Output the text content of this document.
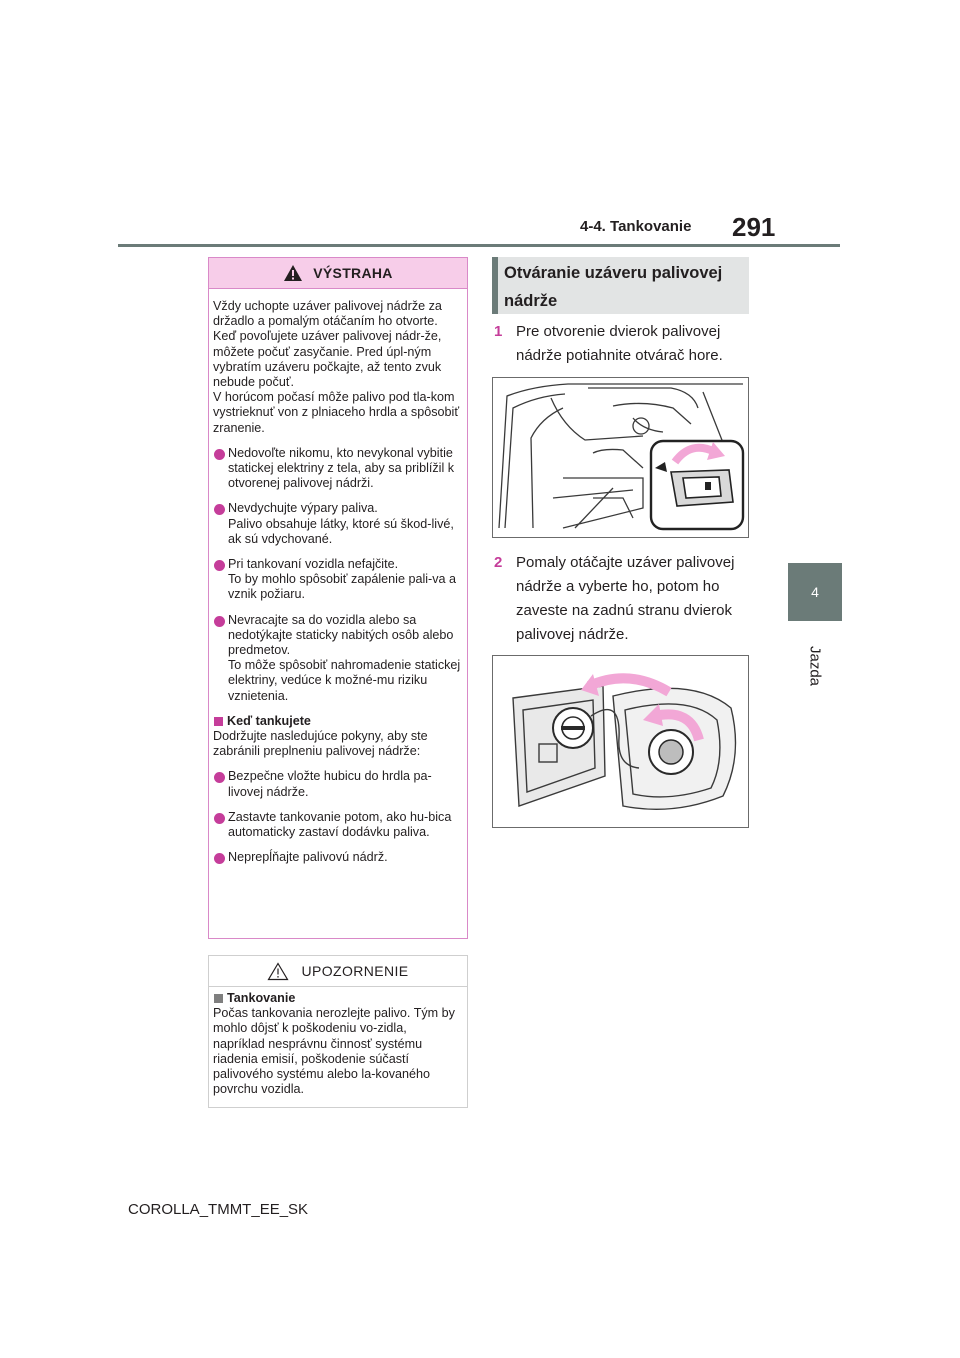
4-4. Tankovanie 291
4
Jazda
VÝSTRAHA
Vždy uchopte uzáver palivovej nádrže za držadlo a pomalým otáčaním ho otvorte.
Keď povoľujete uzáver palivovej nádr-že, môžete počuť zasyčanie. Pred úpl-ným vybratím uzáveru počkajte, až tento zvuk nebude počuť.
V horúcom počasí môže palivo pod tla-kom vystrieknuť von z plniaceho hrdla a spôsobiť zranenie.
Nedovoľte nikomu, kto nevykonal vybitie statickej elektriny z tela, aby sa priblížil k otvorenej palivovej nádrži.
Nevdychujte výpary paliva.
Palivo obsahuje látky, ktoré sú škod-livé, ak sú vdychované.
Pri tankovaní vozidla nefajčite.
To by mohlo spôsobiť zapálenie pali-va a vznik požiaru.
Nevracajte sa do vozidla alebo sa nedotýkajte staticky nabitých osôb alebo predmetov.
To môže spôsobiť nahromadenie statickej elektriny, vedúce k možné-mu riziku vznietenia.
Keď tankujete
Dodržujte nasledujúce pokyny, aby ste zabránili preplneniu palivovej nádrže:
Bezpečne vložte hubicu do hrdla pa-livovej nádrže.
Zastavte tankovanie potom, ako hu-bica automaticky zastaví dodávku paliva.
Neprepĺňajte palivovú nádrž.
UPOZORNENIE
Tankovanie
Počas tankovania nerozlejte palivo. Tým by mohlo dôjsť k poškodeniu vo-zidla, napríklad nesprávnu činnosť systému riadenia emisií, poškodenie súčastí palivového systému alebo la-kovaného povrchu vozidla.
Otváranie uzáveru palivovej nádrže
1 Pre otvorenie dvierok palivovej nádrže potiahnite otvárač hore.
2 Pomaly otáčajte uzáver palivovej nádrže a vyberte ho, potom ho zaveste na zadnú stranu dvierok palivovej nádrže.
COROLLA_TMMT_EE_SK
